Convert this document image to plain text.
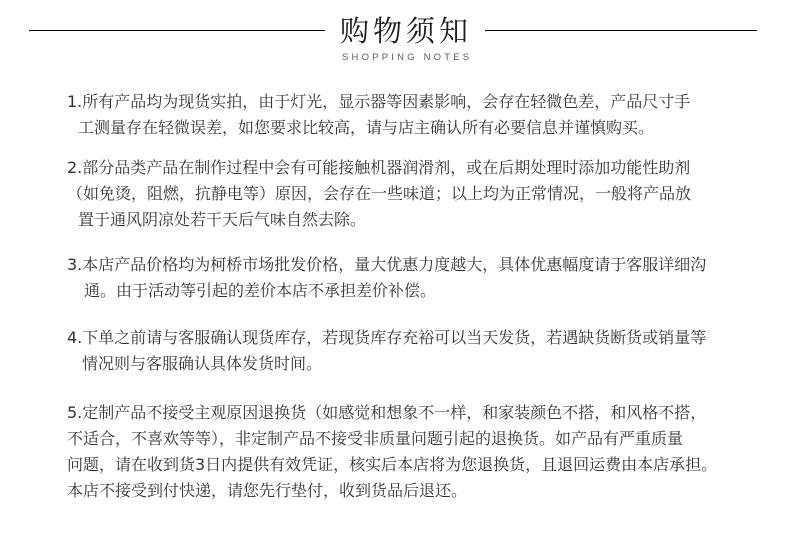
购物须知
SHOPPING NOTES
1.所有产品均为现货实拍，由于灯光，显示器等因素影响，会存在轻微色差，产品尺寸手
工测量存在轻微误差，如您要求比较高，请与店主确认所有必要信息并谨慎购买。
2.部分品类产品在制作过程中会有可能接触机器润滑剂，或在后期处理时添加功能性助剂
（如免烫，阻燃，抗静电等）原因，会存在一些味道；以上均为正常情况，一般将产品放
置于通风阴凉处若干天后气味自然去除。
3.本店产品价格均为柯桥市场批发价格，量大优惠力度越大，具体优惠幅度请于客服详细沟
通。由于活动等引起的差价本店不承担差价补偿。
4.下单之前请与客服确认现货库存，若现货库存充裕可以当天发货，若遇缺货断货或销量等
情况则与客服确认具体发货时间。
5.定制产品不接受主观原因退换货（如感觉和想象不一样，和家装颜色不搭，和风格不搭，
不适合，不喜欢等等），非定制产品不接受非质量问题引起的退换货。如产品有严重质量
问题，请在收到货3日内提供有效凭证，核实后本店将为您退换货，且退回运费由本店承担。
本店不接受到付快递，请您先行垫付，收到货品后退还。
